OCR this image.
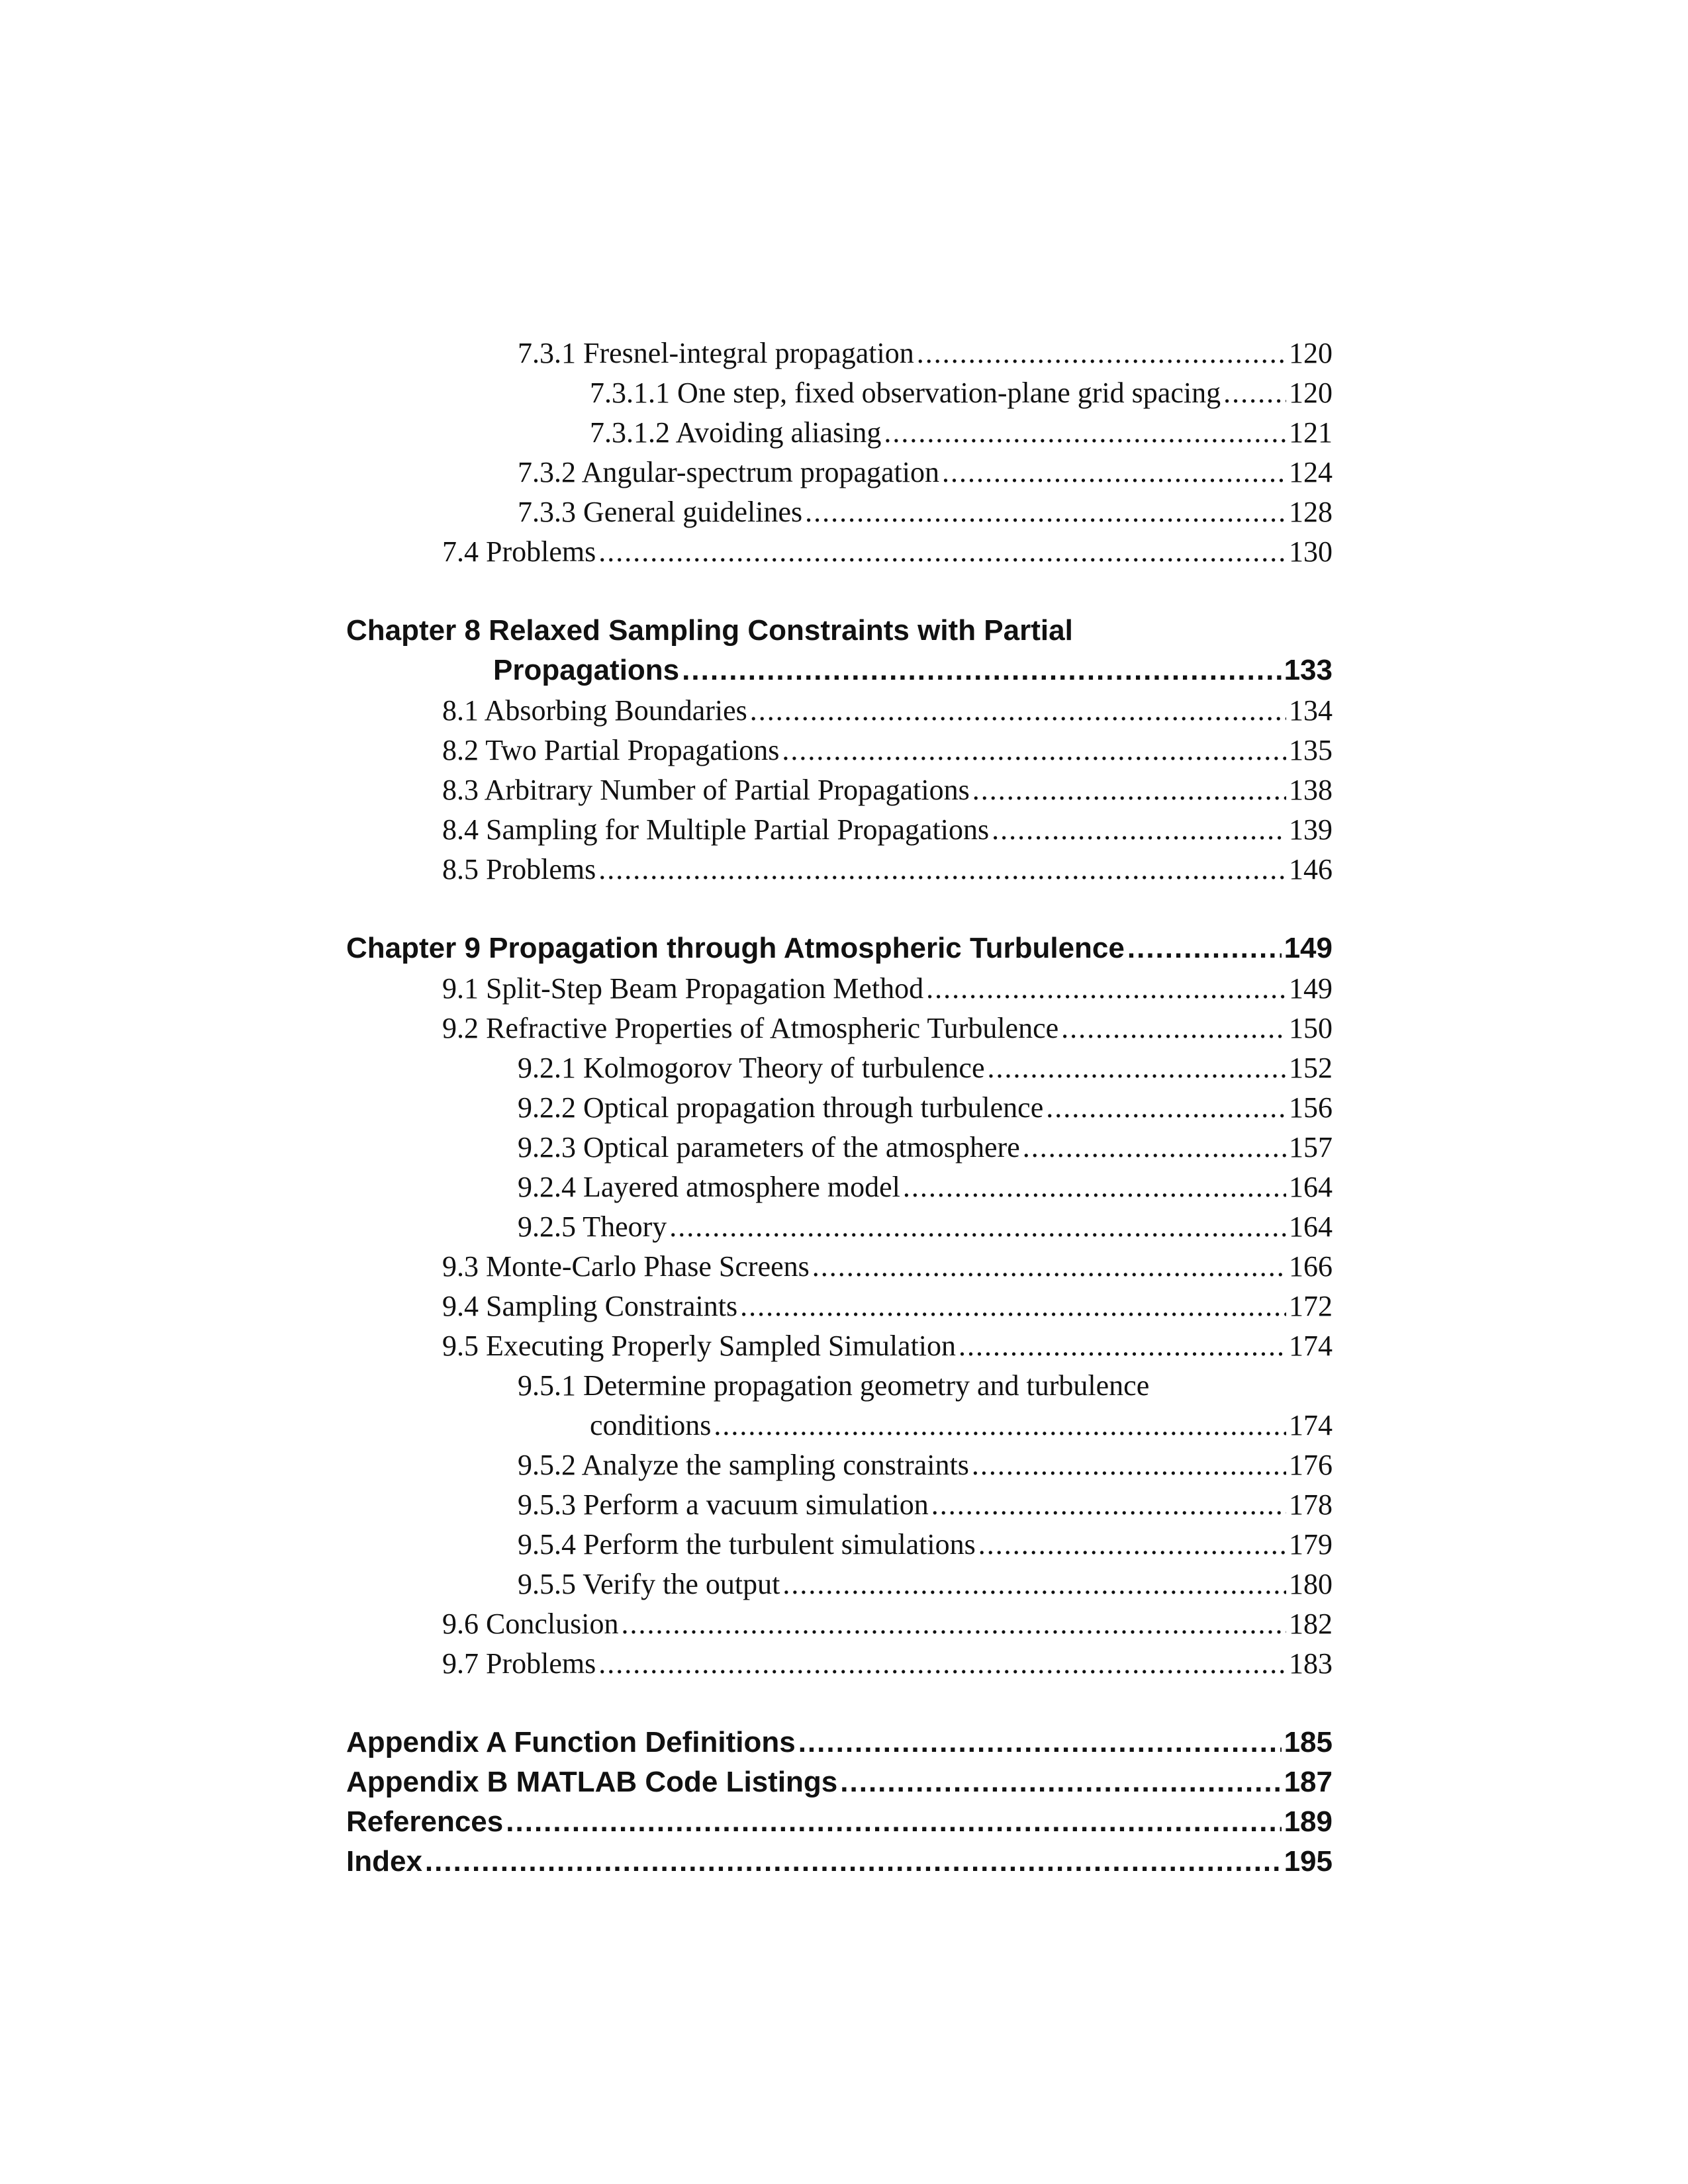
7.3.1 Fresnel-integral propagation .....	120
7.3.1.1 One step, fixed observation-plane grid spacing ..... 120
7.3.1.2 Avoiding aliasing .....	121
7.3.2 Angular-spectrum propagation .....	124
7.3.3 General guidelines .....	128
7.4 Problems .....	130
Chapter 8 Relaxed Sampling Constraints with Partial
Propagations .....	133
8.1 Absorbing Boundaries .....	134
8.2 Two Partial Propagations .....	135
8.3 Arbitrary Number of Partial Propagations .....	138
8.4 Sampling for Multiple Partial Propagations .....	139
8.5 Problems .....	146
Chapter 9 Propagation through Atmospheric Turbulence .....	149
9.1 Split-Step Beam Propagation Method .....	149
9.2 Refractive Properties of Atmospheric Turbulence .....	150
9.2.1 Kolmogorov Theory of turbulence .....	152
9.2.2 Optical propagation through turbulence .....	156
9.2.3 Optical parameters of the atmosphere .....	157
9.2.4 Layered atmosphere model .....	164
9.2.5 Theory .....	164
9.3 Monte-Carlo Phase Screens .....	166
9.4 Sampling Constraints .....	172
9.5 Executing Properly Sampled Simulation .....	174
9.5.1 Determine propagation geometry and turbulence
conditions .....	174
9.5.2 Analyze the sampling constraints .....	176
9.5.3 Perform a vacuum simulation .....	178
9.5.4 Perform the turbulent simulations .....	179
9.5.5 Verify the output .....	180
9.6 Conclusion .....	182
9.7 Problems .....	183
Appendix A Function Definitions .....	185
Appendix B MATLAB Code Listings .....	187
References .....	189
Index .....	195
